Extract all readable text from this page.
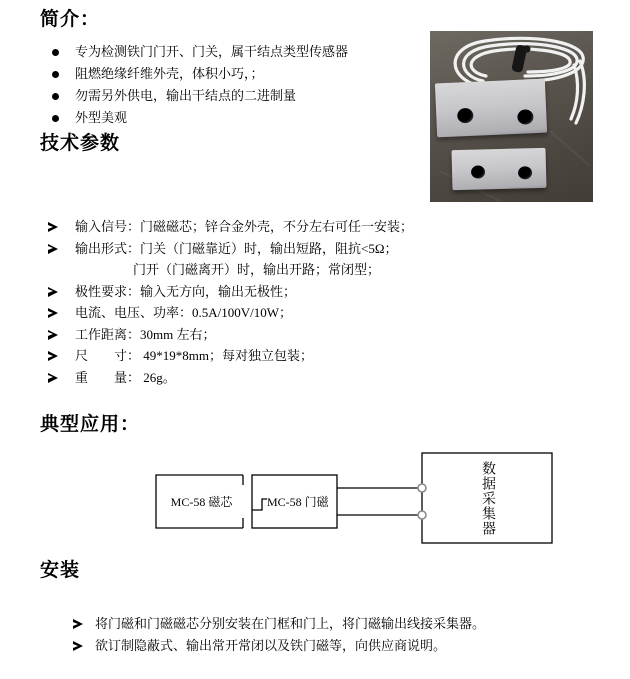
简介：
专为检测铁门门开、门关，属干结点类型传感器
阻燃绝缘纤维外壳，体积小巧，；
勿需另外供电，输出干结点的二进制量
外型美观
技术参数
输入信号：门磁磁芯；锌合金外壳，不分左右可任一安装；
输出形式：门关（门磁靠近）时，输出短路，阻抗<5Ω；
门开（门磁离开）时，输出开路；常闭型；
极性要求：输入无方向，输出无极性；
电流、电压、功率：0.5A/100V/10W；
工作距离：30mm 左右；
尺　　寸： 49*19*8mm；每对独立包装；
重　　量： 26g。
典型应用：
MC-58 磁芯	MC-58 门磁	数据采集器
安装
将门磁和门磁磁芯分别安装在门框和门上，将门磁输出线接采集器。
欲订制隐蔽式、输出常开常闭以及铁门磁等，向供应商说明。
